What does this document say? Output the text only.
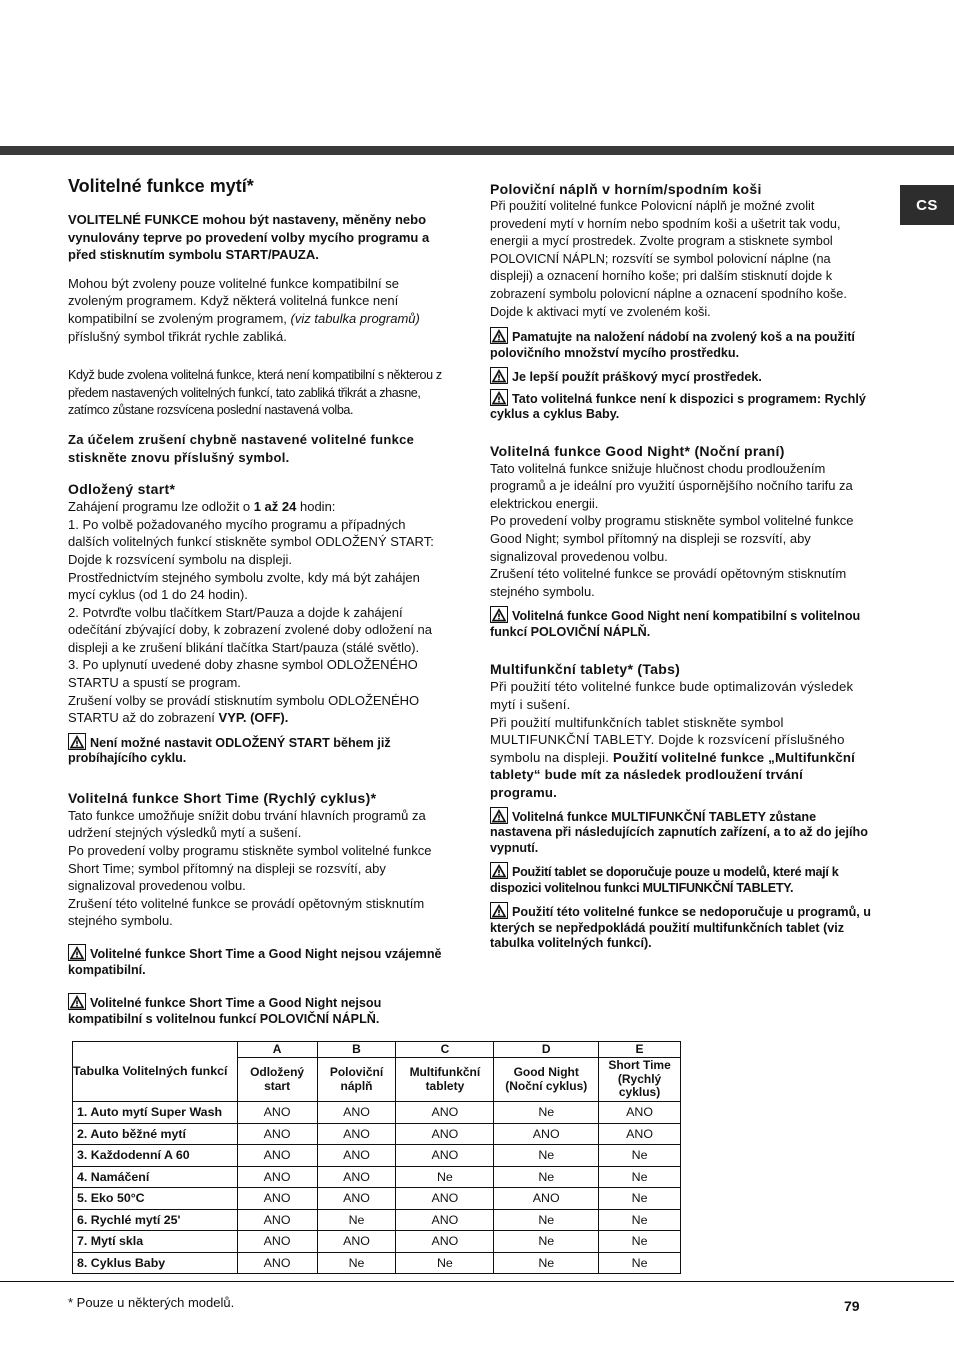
CS
Volitelné funkce mytí*

VOLITELNÉ FUNKCE mohou být nastaveny, měněny nebo vynulovány teprve po provedení volby mycího programu a před stisknutím symbolu START/PAUZA.

Mohou být zvoleny pouze volitelné funkce kompatibilní se zvoleným programem. Když některá volitelná funkce není kompatibilní se zvoleným programem, (viz tabulka programů) příslušný symbol třikrát rychle zabliká.

Když bude zvolena volitelná funkce, která není kompatibilní s některou z předem nastavených volitelných funkcí, tato zabliká třikrát a zhasne, zatímco zůstane rozsvícena poslední nastavená volba.

Za účelem zrušení chybně nastavené volitelné funkce stiskněte znovu příslušný symbol.

Odložený start*

Zahájení programu lze odložit o 1 až 24 hodin:

1. Po volbě požadovaného mycího programu a případných dalších volitelných funkcí stiskněte symbol ODLOŽENÝ START: Dojde k rozsvícení symbolu na displeji.

Prostřednictvím stejného symbolu zvolte, kdy má být zahájen mycí cyklus (od 1 do 24 hodin).

2. Potvrďte volbu tlačítkem Start/Pauza a dojde k zahájení odečítání zbývající doby, k zobrazení zvolené doby odložení na displeji a ke zrušení blikání tlačítka Start/pauza (stálé světlo).

3. Po uplynutí uvedené doby zhasne symbol ODLOŽENÉHO STARTU a spustí se program.

Zrušení volby se provádí stisknutím symbolu ODLOŽENÉHO STARTU až do zobrazení VYP. (OFF).

Není možné nastavit ODLOŽENÝ START během již probíhajícího cyklu.

Volitelná funkce Short Time (Rychlý cyklus)*

Tato funkce umožňuje snížit dobu trvání hlavních programů za udržení stejných výsledků mytí a sušení.

Po provedení volby programu stiskněte symbol volitelné funkce Short Time; symbol přítomný na displeji se rozsvítí, aby signalizoval provedenou volbu.

Zrušení této volitelné funkce se provádí opětovným stisknutím stejného symbolu.

Volitelné funkce Short Time a Good Night nejsou vzájemně kompatibilní.

Volitelné funkce Short Time a Good Night nejsou kompatibilní s volitelnou funkcí POLOVIČNÍ NÁPLŇ.

Poloviční náplň v horním/spodním koši

Při použití volitelné funkce Polovicní náplň je možné zvolit provedení mytí v horním nebo spodním koši a ušetrit tak vodu, energii a mycí prostredek. Zvolte program a stisknete symbol POLOVICNÍ NÁPLN; rozsvítí se symbol polovicní náplne (na displeji) a oznacení horního koše; pri dalším stisknutí dojde k zobrazení symbolu polovicní náplne a oznacení spodního koše. Dojde k aktivaci mytí ve zvoleném koši.

Pamatujte na naložení nádobí na zvolený koš a na použití polovičního množství mycího prostředku.

Je lepší použít práškový mycí prostředek.

Tato volitelná funkce není k dispozici s programem: Rychlý cyklus a cyklus Baby.

Volitelná funkce Good Night* (Noční praní)

Tato volitelná funkce snižuje hlučnost chodu prodloužením programů a je ideální pro využití úspornějšího nočního tarifu za elektrickou energii.

Po provedení volby programu stiskněte symbol volitelné funkce Good Night; symbol přítomný na displeji se rozsvítí, aby signalizoval provedenou volbu.

Zrušení této volitelné funkce se provádí opětovným stisknutím stejného symbolu.

Volitelná funkce Good Night není kompatibilní s volitelnou funkcí POLOVIČNÍ NÁPLŇ.

Multifunkční tablety* (Tabs)

Při použití této volitelné funkce bude optimalizován výsledek mytí i sušení.

Při použití multifunkčních tablet stiskněte symbol MULTIFUNKČNÍ TABLETY. Dojde k rozsvícení příslušného symbolu na displeji. Použití volitelné funkce „Multifunkční tablety“ bude mít za následek prodloužení trvání programu.

Volitelná funkce MULTIFUNKČNÍ TABLETY zůstane nastavena při následujících zapnutích zařízení, a to až do jejího vypnutí.

Použití tablet se doporučuje pouze u modelů, které mají k dispozici volitelnou funkci MULTIFUNKČNÍ TABLETY.

Použití této volitelné funkce se nedoporučuje u programů, u kterých se nepředpokládá použití multifunkčních tablet (viz tabulka volitelných funkcí).

Tabulka Volitelných funkcí	A	B	C	D	E
	Odložený start	Poloviční náplň	Multifunkční tablety	Good Night (Noční cyklus)	Short Time (Rychlý cyklus)
1. Auto mytí Super Wash	ANO	ANO	ANO	Ne	ANO
2. Auto běžné mytí	ANO	ANO	ANO	ANO	ANO
3. Každodenní A 60	ANO	ANO	ANO	Ne	Ne
4. Namáčení	ANO	ANO	Ne	Ne	Ne
5. Eko 50°C	ANO	ANO	ANO	ANO	Ne
6. Rychlé mytí 25'	ANO	Ne	ANO	Ne	Ne
7. Mytí skla	ANO	ANO	ANO	Ne	Ne
8. Cyklus Baby	ANO	Ne	Ne	Ne	Ne
* Pouze u některých modelů.	79
